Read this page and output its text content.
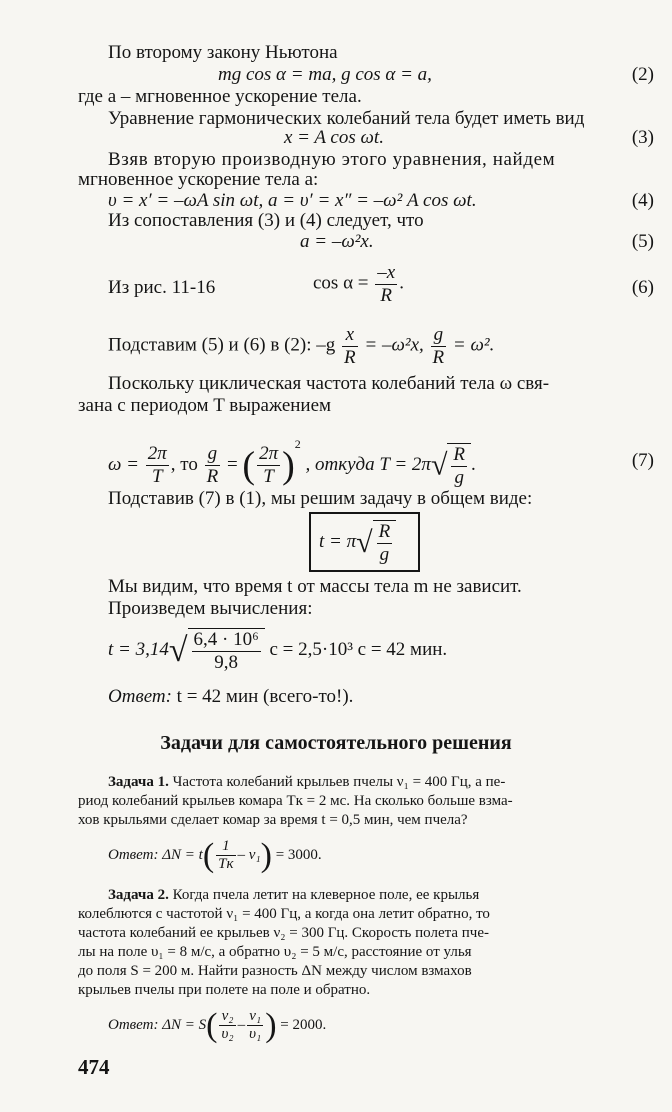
По второму закону Ньютона
mg cos α = ma, g cos α = a,	(2)
где a – мгновенное ускорение тела.
Уравнение гармонических колебаний тела будет иметь вид
x = A cos ωt.	(3)
Взяв вторую производную этого уравнения, найдем
мгновенное ускорение тела a:
υ = x′ = –ωA sin ωt, a = υ′ = x″ = –ω² A cos ωt.	(4)
Из сопоставления (3) и (4) следует, что
a = –ω²x.	(5)
Из рис. 11-16	$\cos \alpha = \frac{-x}{R}$ .	(6)
Подставим (5) и (6) в (2): $-g \frac{x}{R} = -\omega^2x$, $\frac{g}{R} = \omega^2$.
Поскольку циклическая частота колебаний тела ω свя-
зана с периодом T выражением
$\omega = \frac{2\pi}{T}$ , то $\frac{g}{R}$ = ( $\frac{2\pi}{T} )^2$ , откуда $T = 2\pi√ \frac{R}{g}$ .	(7)
Подставив (7) в (1), мы решим задачу в общем виде:
$t = \pi√ \frac{R}{g}$
Мы видим, что время t от массы тела m не зависит.
Произведем вычисления:
$t = 3,14√ \frac{\text{6,4 · 10⁶}}{9,8}$ с = 2,5·10³ с = 42 мин.
Ответ: t = 42 мин (всего-то!).
Задачи для самостоятельного решения
Задача 1. Частота колебаний крыльев пчелы ν₁ = 400 Гц, а пе-
риод колебаний крыльев комара Tк = 2 мс. На сколько больше взма-
хов крыльями сделает комар за время t = 0,5 мин, чем пчела?
Ответ: $\Delta N = t( \frac{1}{Tк} - \nu_1) = 3000$.
Задача 2. Когда пчела летит на клеверное поле, ее крылья
колеблются с частотой ν₁ = 400 Гц, а когда она летит обратно, то
частота колебаний ее крыльев ν₂ = 300 Гц. Скорость полета пче-
лы на поле υ₁ = 8 м/с, а обратно υ₂ = 5 м/с, расстояние от улья
до поля S = 200 м. Найти разность ΔN между числом взмахов
крыльев пчелы при полете на поле и обратно.
Ответ: $\Delta N = S( \frac{\text{ν₂}}{\text{υ₂}} - \frac{\text{ν₁}}{\text{υ₁}}$ ) = 2000.
474
